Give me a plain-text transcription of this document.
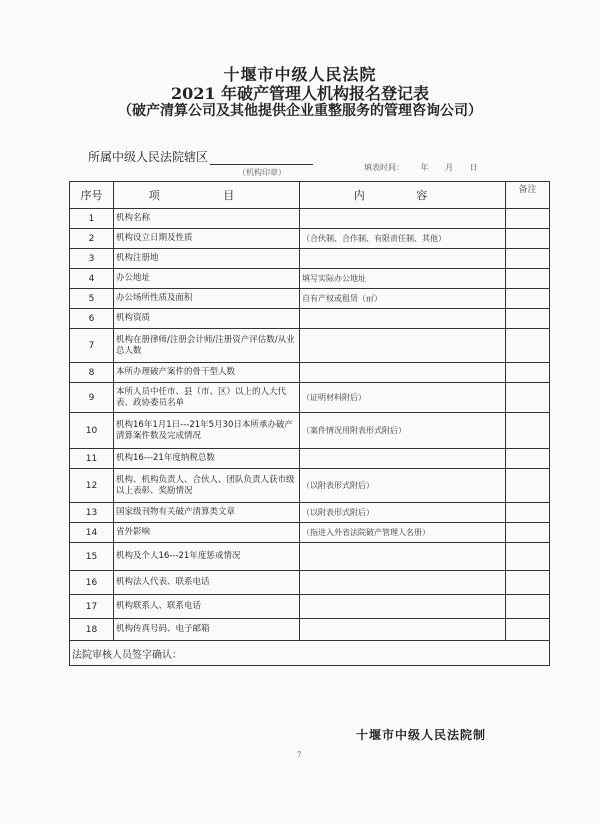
十堰市中级人民法院
2021 年破产管理人机构报名登记表
（破产清算公司及其他提供企业重整服务的管理咨询公司）
所属中级人民法院辖区
（机构印章）
填表时间： 年 月 日
序号	项 目	内 容	备注
1	机构名称		
2	机构设立日期及性质	（合伙制、合作制、有限责任制、其他）	
3	机构注册地		
4	办公地址	填写实际办公地址	
5	办公场所性质及面积	自有产权或租赁（㎡）	
6	机构资质		
7	机构在册律师/注册会计师/注册资产评估数/从业总人数		
8	本所办理破产案件的骨干型人数		
9	本所人员中任市、县（市、区）以上的人大代表、政协委员名单	（证明材料附后）	
10	机构16年1月1日---21年5月30日本所承办破产清算案件数及完成情况	（案件情况用附表形式附后）	
11	机构16---21年度纳税总数		
12	机构、机构负责人、合伙人、团队负责人获市级以上表彰、奖励情况	（以附表形式附后）	
13	国家级刊物有关破产清算类文章	（以附表形式附后）	
14	省外影响	（指进入外省法院破产管理人名册）	
15	机构及个人16---21年度惩戒情况		
16	机构法人代表、联系电话		
17	机构联系人、联系电话		
18	机构传真号码、电子邮箱		
法院审核人员签字确认：			
十堰市中级人民法院制
7
